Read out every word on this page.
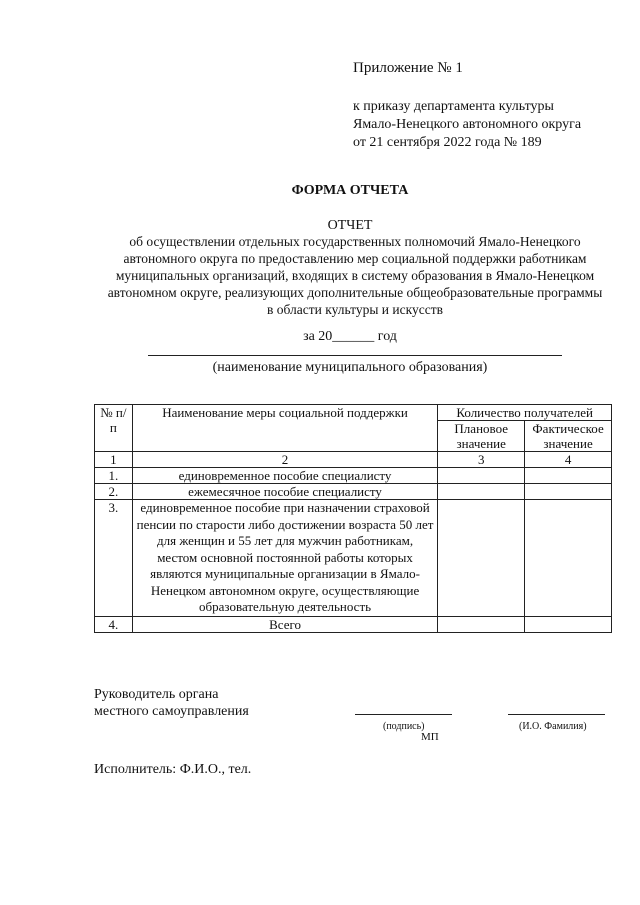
Приложение № 1
к приказу департамента культуры
Ямало-Ненецкого автономного округа
от 21 сентября 2022 года № 189
ФОРМА ОТЧЕТА
ОТЧЕТ
об осуществлении отдельных государственных полномочий Ямало-Ненецкого
автономного округа по предоставлению мер социальной поддержки работникам
муниципальных организаций, входящих в систему образования в Ямало-Ненецком
автономном округе, реализующих дополнительные общеобразовательные программы
в области культуры и искусств
за 20______ год
(наименование муниципального образования)
№ п/п	Наименование меры социальной поддержки	Количество получателей	
		Плановое значение	Фактическое значение
1	2	3	4
1.	единовременное пособие специалисту		
2.	ежемесячное пособие специалисту		
3.	единовременное пособие при назначении страховой пенсии по старости либо достижении возраста 50 лет для женщин и 55 лет для мужчин работникам, местом основной постоянной работы которых являются муниципальные организации в Ямало-Ненецком автономном округе, осуществляющие образовательную деятельность		
4.	Всего		
Руководитель органа
местного самоуправления
(подпись)	(И.О. Фамилия)
МП
Исполнитель: Ф.И.О., тел.
